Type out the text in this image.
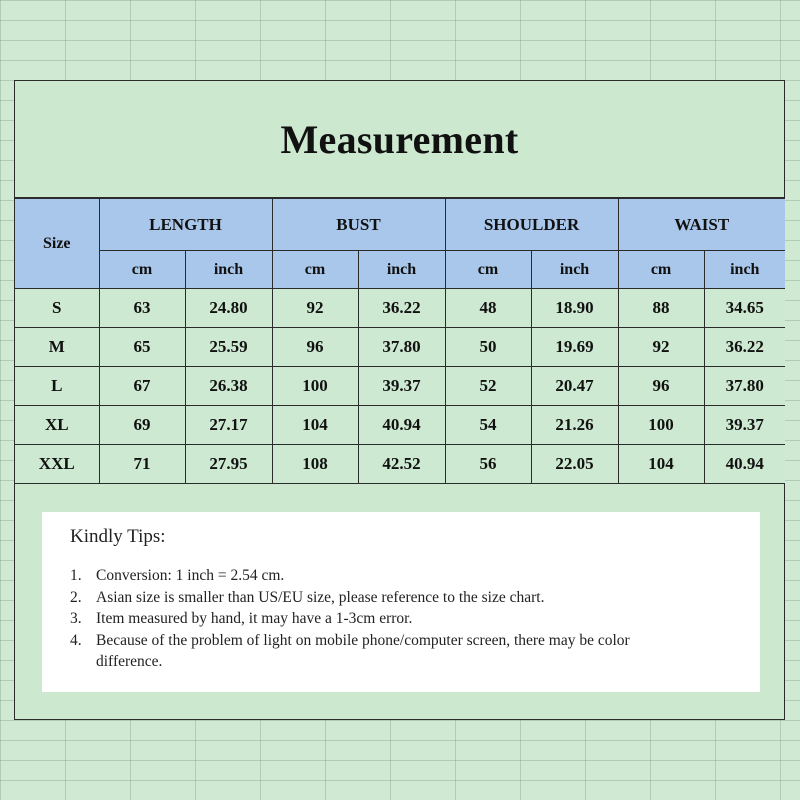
Measurement
Size	LENGTH		BUST		SHOULDER		WAIST	
	cm	inch	cm	inch	cm	inch	cm	inch
S	63	24.80	92	36.22	48	18.90	88	34.65
M	65	25.59	96	37.80	50	19.69	92	36.22
L	67	26.38	100	39.37	52	20.47	96	37.80
XL	69	27.17	104	40.94	54	21.26	100	39.37
XXL	71	27.95	108	42.52	56	22.05	104	40.94

Kindly Tips:

1. Conversion: 1 inch = 2.54 cm.
2. Asian size is smaller than US/EU size, please reference to the size chart.
3. Item measured by hand, it may have a 1-3cm error.
4. Because of the problem of light on mobile phone/computer screen, there may be color difference.
